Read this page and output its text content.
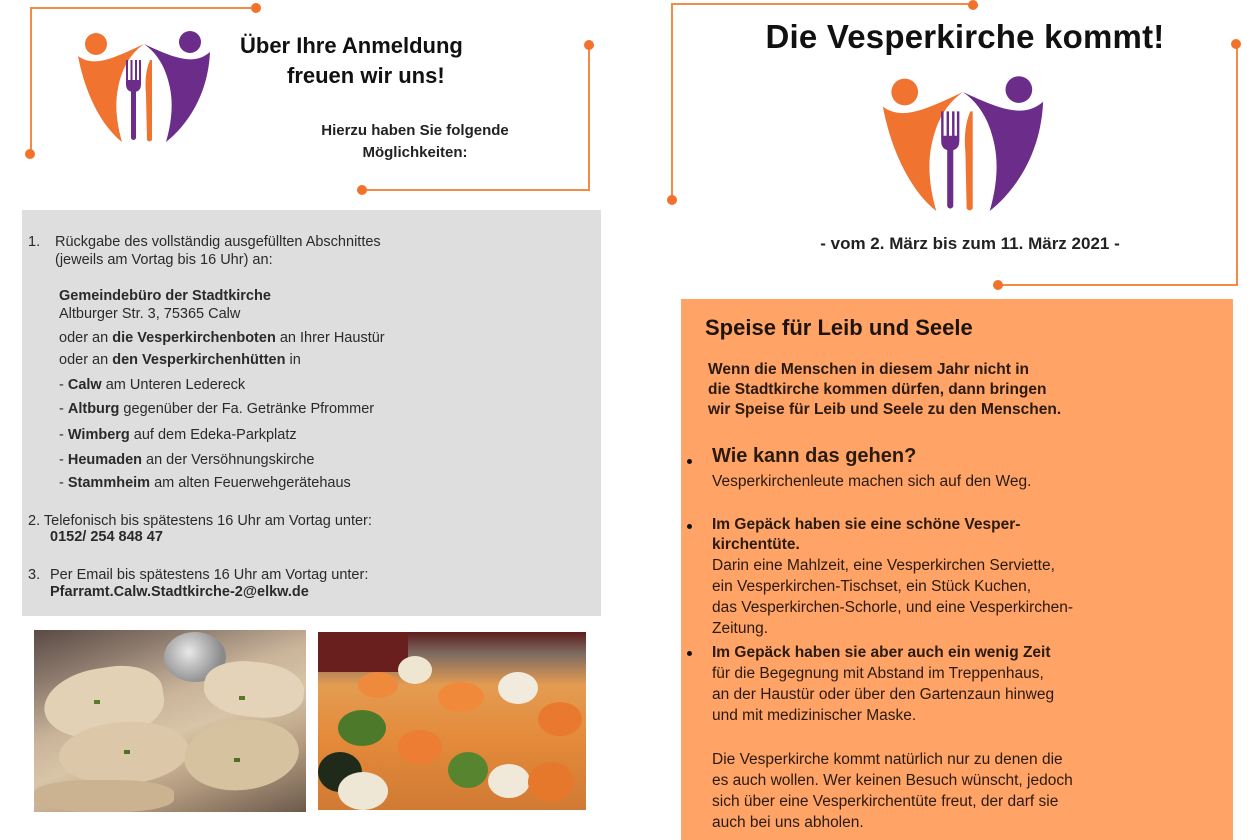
Über Ihre Anmeldung
freuen wir uns!
Hierzu haben Sie folgende
Möglichkeiten:
1. Rückgabe des vollständig ausgefüllten Abschnittes
(jeweils am Vortag bis 16 Uhr) an:
Gemeindebüro der Stadtkirche
Altburger Str. 3, 75365 Calw
oder an die Vesperkirchenboten an Ihrer Haustür
oder an den Vesperkirchenhütten in
- Calw am Unteren Ledereck
- Altburg gegenüber der Fa. Getränke Pfrommer
- Wimberg auf dem Edeka-Parkplatz
- Heumaden an der Versöhnungskirche
- Stammheim am alten Feuerwehgerätehaus
2. Telefonisch bis spätestens 16 Uhr am Vortag unter:
0152/ 254 848 47
3. Per Email bis spätestens 16 Uhr am Vortag unter:
Pfarramt.Calw.Stadtkirche-2@elkw.de
Die Vesperkirche kommt!
- vom 2. März bis zum 11. März 2021 -
Speise für Leib und Seele
Wenn die Menschen in diesem Jahr nicht in
die Stadtkirche kommen dürfen, dann bringen
wir Speise für Leib und Seele zu den Menschen.
Wie kann das gehen?
Vesperkirchenleute machen sich auf den Weg.
Im Gepäck haben sie eine schöne Vesper-
kirchentüte.
Darin eine Mahlzeit, eine Vesperkirchen Serviette,
ein Vesperkirchen-Tischset, ein Stück Kuchen,
das Vesperkirchen-Schorle, und eine Vesperkirchen-
Zeitung.
Im Gepäck haben sie aber auch ein wenig Zeit
für die Begegnung mit Abstand im Treppenhaus,
an der Haustür oder über den Gartenzaun hinweg
und mit medizinischer Maske.
Die Vesperkirche kommt natürlich nur zu denen die
es auch wollen. Wer keinen Besuch wünscht, jedoch
sich über eine Vesperkirchentüte freut, der darf sie
auch bei uns abholen.
